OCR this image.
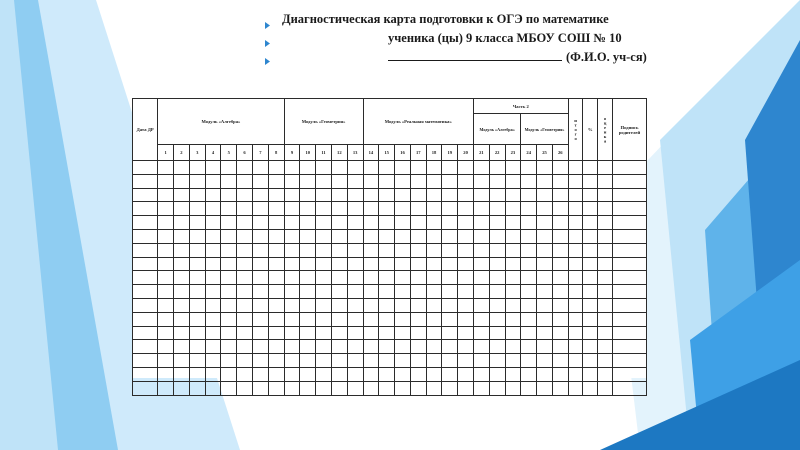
Диагностическая карта подготовки к ОГЭ по математике
ученика (цы) 9 класса МБОУ СОШ № 10
(Ф.И.О. уч-ся)
Дата ДР	Модуль «Алгебра»								Модуль «Геометрия»					Модуль «Реальная математика»							Часть 2						итого	%	оценка	Подпись родителей
																					Модуль «Алгебра»			Модуль «Геометрия»						
	1	2	3	4	5	6	7	8	9	10	11	12	13	14	15	16	17	18	19	20	21	22	23	24	25	26				
